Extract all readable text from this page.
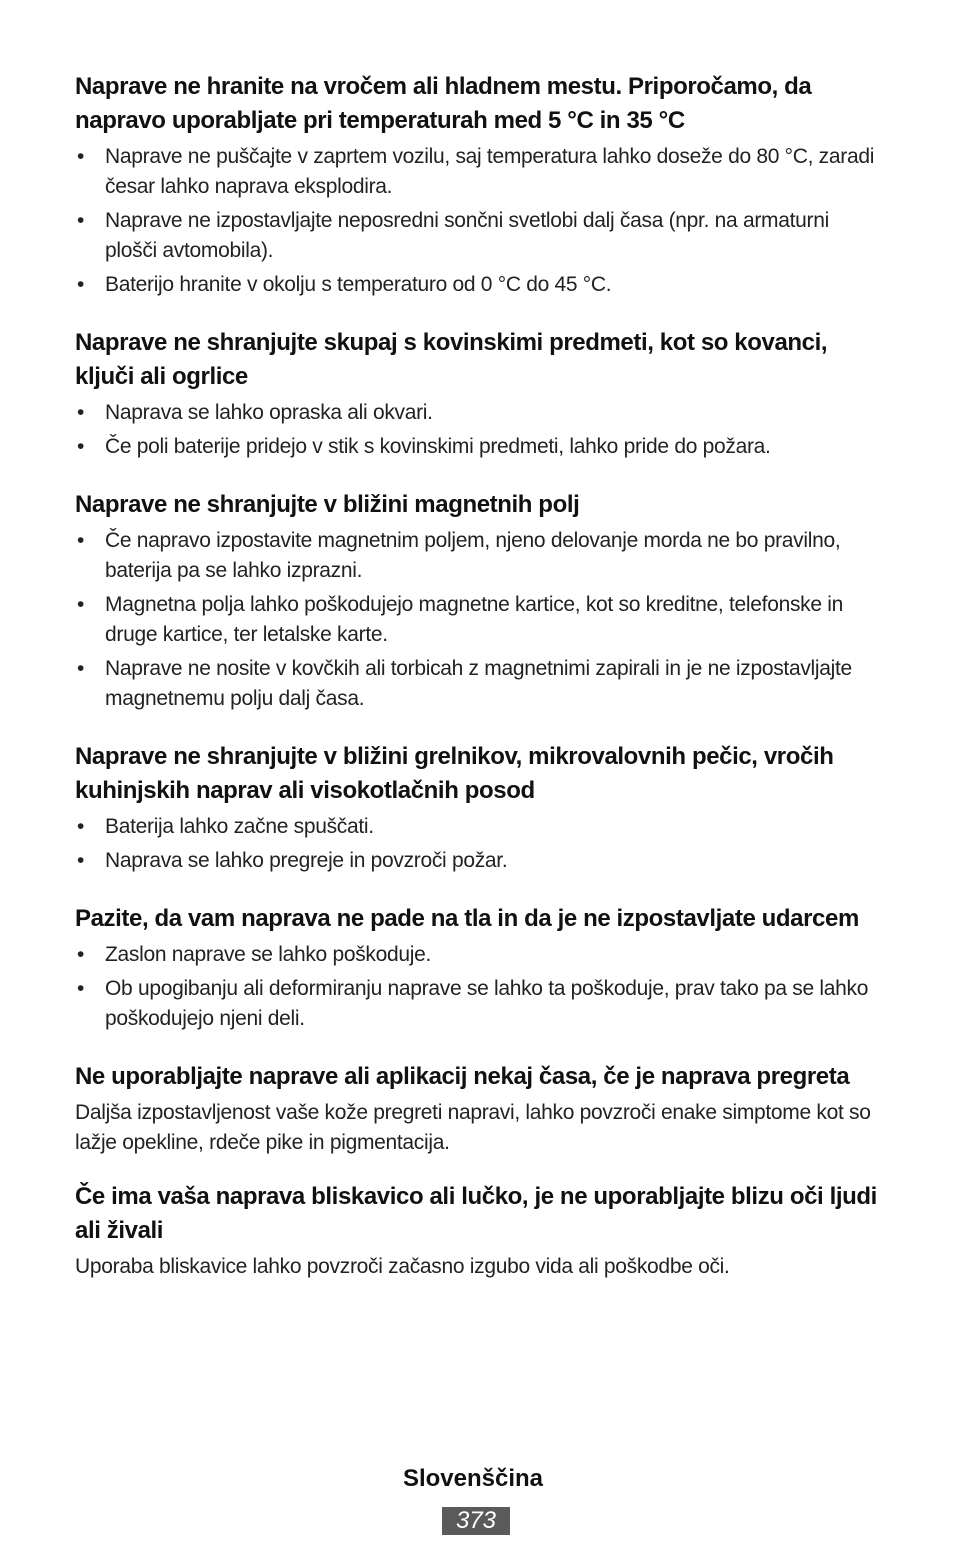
Naprave ne hranite na vročem ali hladnem mestu. Priporočamo, da napravo uporabljate pri temperaturah med 5 °C in 35 °C
• Naprave ne puščajte v zaprtem vozilu, saj temperatura lahko doseže do 80 °C, zaradi česar lahko naprava eksplodira.
• Naprave ne izpostavljajte neposredni sončni svetlobi dalj časa (npr. na armaturni plošči avtomobila).
• Baterijo hranite v okolju s temperaturo od 0 °C do 45 °C.
Naprave ne shranjujte skupaj s kovinskimi predmeti, kot so kovanci, ključi ali ogrlice
• Naprava se lahko opraska ali okvari.
• Če poli baterije pridejo v stik s kovinskimi predmeti, lahko pride do požara.
Naprave ne shranjujte v bližini magnetnih polj
• Če napravo izpostavite magnetnim poljem, njeno delovanje morda ne bo pravilno, baterija pa se lahko izprazni.
• Magnetna polja lahko poškodujejo magnetne kartice, kot so kreditne, telefonske in druge kartice, ter letalske karte.
• Naprave ne nosite v kovčkih ali torbicah z magnetnimi zapirali in je ne izpostavljajte magnetnemu polju dalj časa.
Naprave ne shranjujte v bližini grelnikov, mikrovalovnih pečic, vročih kuhinjskih naprav ali visokotlačnih posod
• Baterija lahko začne spuščati.
• Naprava se lahko pregreje in povzroči požar.
Pazite, da vam naprava ne pade na tla in da je ne izpostavljate udarcem
• Zaslon naprave se lahko poškoduje.
• Ob upogibanju ali deformiranju naprave se lahko ta poškoduje, prav tako pa se lahko poškodujejo njeni deli.
Ne uporabljajte naprave ali aplikacij nekaj časa, če je naprava pregreta

Daljša izpostavljenost vaše kože pregreti napravi, lahko povzroči enake simptome kot so lažje opekline, rdeče pike in pigmentacija.

Če ima vaša naprava bliskavico ali lučko, je ne uporabljajte blizu oči ljudi ali živali

Uporaba bliskavice lahko povzroči začasno izgubo vida ali poškodbe oči.

Slovenščina
373
